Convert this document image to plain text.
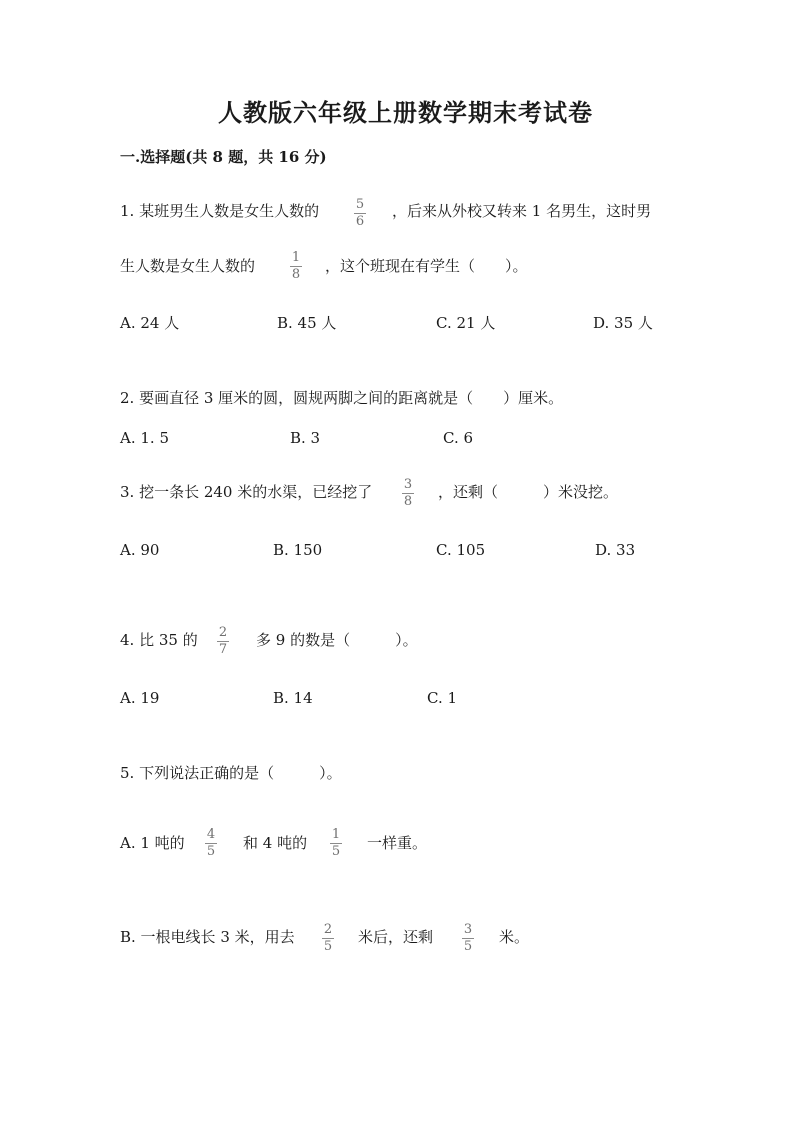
人教版六年级上册数学期末考试卷
一.选择题(共 8 题，共 16 分)
1. 某班男生人数是女生人数的	5
6
，后来从外校又转来 1 名男生，这时男
生人数是女生人数的	1
8 ，这个班现在有学生（　　）。
A. 24 人	B. 45 人	C. 21 人	D. 35 人
2. 要画直径 3 厘米的圆，圆规两脚之间的距离就是（　　）厘米。
A. 1. 5	B. 3	C. 6
3. 挖一条长 240 米的水渠，已经挖了 3
8
，还剩（　　　）米没挖。
A. 90	B. 150	C. 105	D. 33
4. 比 35 的 2
7
多 9 的数是（　　　）。
A. 19	B. 14	C. 1
5. 下列说法正确的是（　　　）。
A. 1 吨的 4
5 和 4 吨的 1
5 一样重。
B. 一根电线长 3 米，用去 2
5
米后，还剩 3
5
米。
